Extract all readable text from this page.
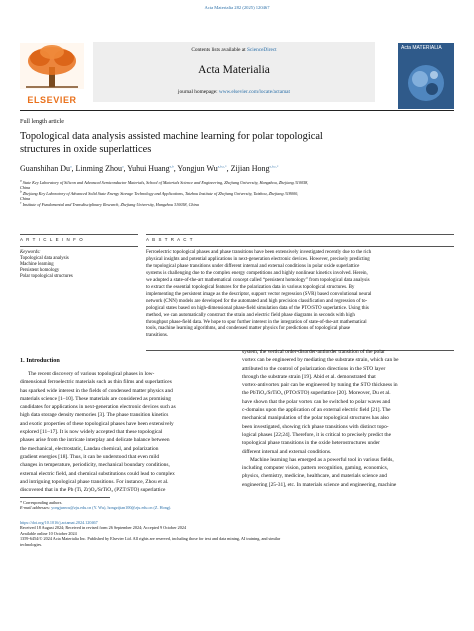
Acta Materialia 282 (2025) 120467
ELSEVIER
Contents lists available at ScienceDirect
Acta Materialia
journal homepage: www.elsevier.com/locate/actamat
Acta MATERIALIA
Full length article
Topological data analysis assisted machine learning for polar topological
structures in oxide superlattices
Guanshihan Du$^a$, Linming Zhou$^a$, Yuhui Huang$^{a,b}$, Yongjun $Wu^{a,b,c,*}$, Zijian Hong$^{a,b,c,*}$
$^a$ State Key Laboratory of Silicon and Advanced Semiconductor Materials, School of Materials Science and Engineering, Zhejiang University, Hangzhou, Zhejiang 310058,
China
$^b$ Zhejiang Key Laboratory of Advanced Solid State Energy Storage Technology and Applications, Taizhou Institute of Zhejiang University, Taizhou, Zhejiang 318000,
China
$^c$ Institute of Fundamental and Transdisciplinary Research, Zhejiang University, Hangzhou 310058, China
A R T I C L E I N F O	A B S T R A C T
Keywords:
Topological data analysis
Machine learning
Persistent homology
Polar topological structures
Ferroelectric topological phases and phase transitions have been extensively investigated recently due to the rich
physical insights and potential applications in next-generation electronic devices. However, precisely predicting
the topological phase transitions under different internal and external conditions in polar oxide superlattice
systems is challenging due to the complex energy competitions and highly nonlinear kinetics involved. Herein,
we adopted a state-of-the-art mathematical concept called “persistent homology” from topological data analysis
to extract the essential topological features for the polarization data in various topological structures. By
implementing the persistent image as the descriptor, support vector regression (SVR) based convolutional neural
network (CNN) models are developed for the automated and high precision classification and regression of to-
pological states based on high-dimensional phase-field simulation data of the PTO/STO superlattice. Using this
method, we can automatically construct the strain and electric field phase diagrams in seconds with high
throughput phase-field data. We hope to spur further interest in the integration of state-of-the-art mathematical
tools, machine learning algorithms, and condensed matter physics for predictions of topological phase
transitions.
1. Introduction
The recent discovery of various topological phases in low-
dimensional ferroelectric materials such as thin films and superlattices
has sparked wide interest in the fields of condensed matter physics and
materials science [1–10]. These materials are considered as promising
candidates for applications in next-generation electronic devices such as
high data storage density memories [3]. The phase transition kinetics
and exotic properties of these topological phases have been extensively
explored [11–17]. It is now widely accepted that these topological
phases arise from the intricate interplay and delicate balance between
the mechanical, electrostatic, Landau chemical, and polarization
gradient energies [18]. Thus, it can be understood that even mild
changes in temperature, periodicity, mechanical boundary conditions,
external electric field, and chemical substitutions could lead to complex
and intriguing topological phase transitions. For instance, Zhou et al.
discovered that in the Pb (Ti, Zr)O₃/SrTiO₃ (PZT/STO) superlattice
system, the vertical order-disorder-antiorder transition of the polar
vortex can be engineered by mediating the substrate strain, which can be
attributed to the control of polarization directions in the STO layer
through the substrate strain [19]. Abid et al. demonstrated that
vortex-antivortex pair can be engineered by tuning the STO thickness in
the PbTiO₃/SrTiO₃ (PTO/STO) superlattice [20]. Moreover, Du et al.
have shown that the polar vortex can be switched to polar waves and
c-domains upon the application of an external electric field [21]. The
mechanical manipulation of the polar topological structures has also
been investigated, showing rich phase transitions with distinct topo-
logical phases [22;24]. Therefore, it is critical to precisely predict the
topological phase transitions in the oxide heterostructures under
different internal and external conditions.
Machine learning has emerged as a powerful tool in various fields,
including computer vision, pattern recognition, gaming, economics,
physics, chemistry, medicine, healthcare, and materials science and
engineering [25-31], etc. In materials science and engineering, machine
* Corresponding authors.
E-mail addresses: yongjunwu@zju.edu.cn (Y. Wu), hongzijian100@zju.edu.cn (Z. Hong).
https://doi.org/10.1016/j.actamat.2024.120467
Received 18 August 2024; Received in revised form 26 September 2024; Accepted 9 October 2024
Available online 10 October 2024
1359-6454/© 2024 Acta Materialia Inc. Published by Elsevier Ltd. All rights are reserved, including those for text and data mining, AI training, and similar
technologies.
